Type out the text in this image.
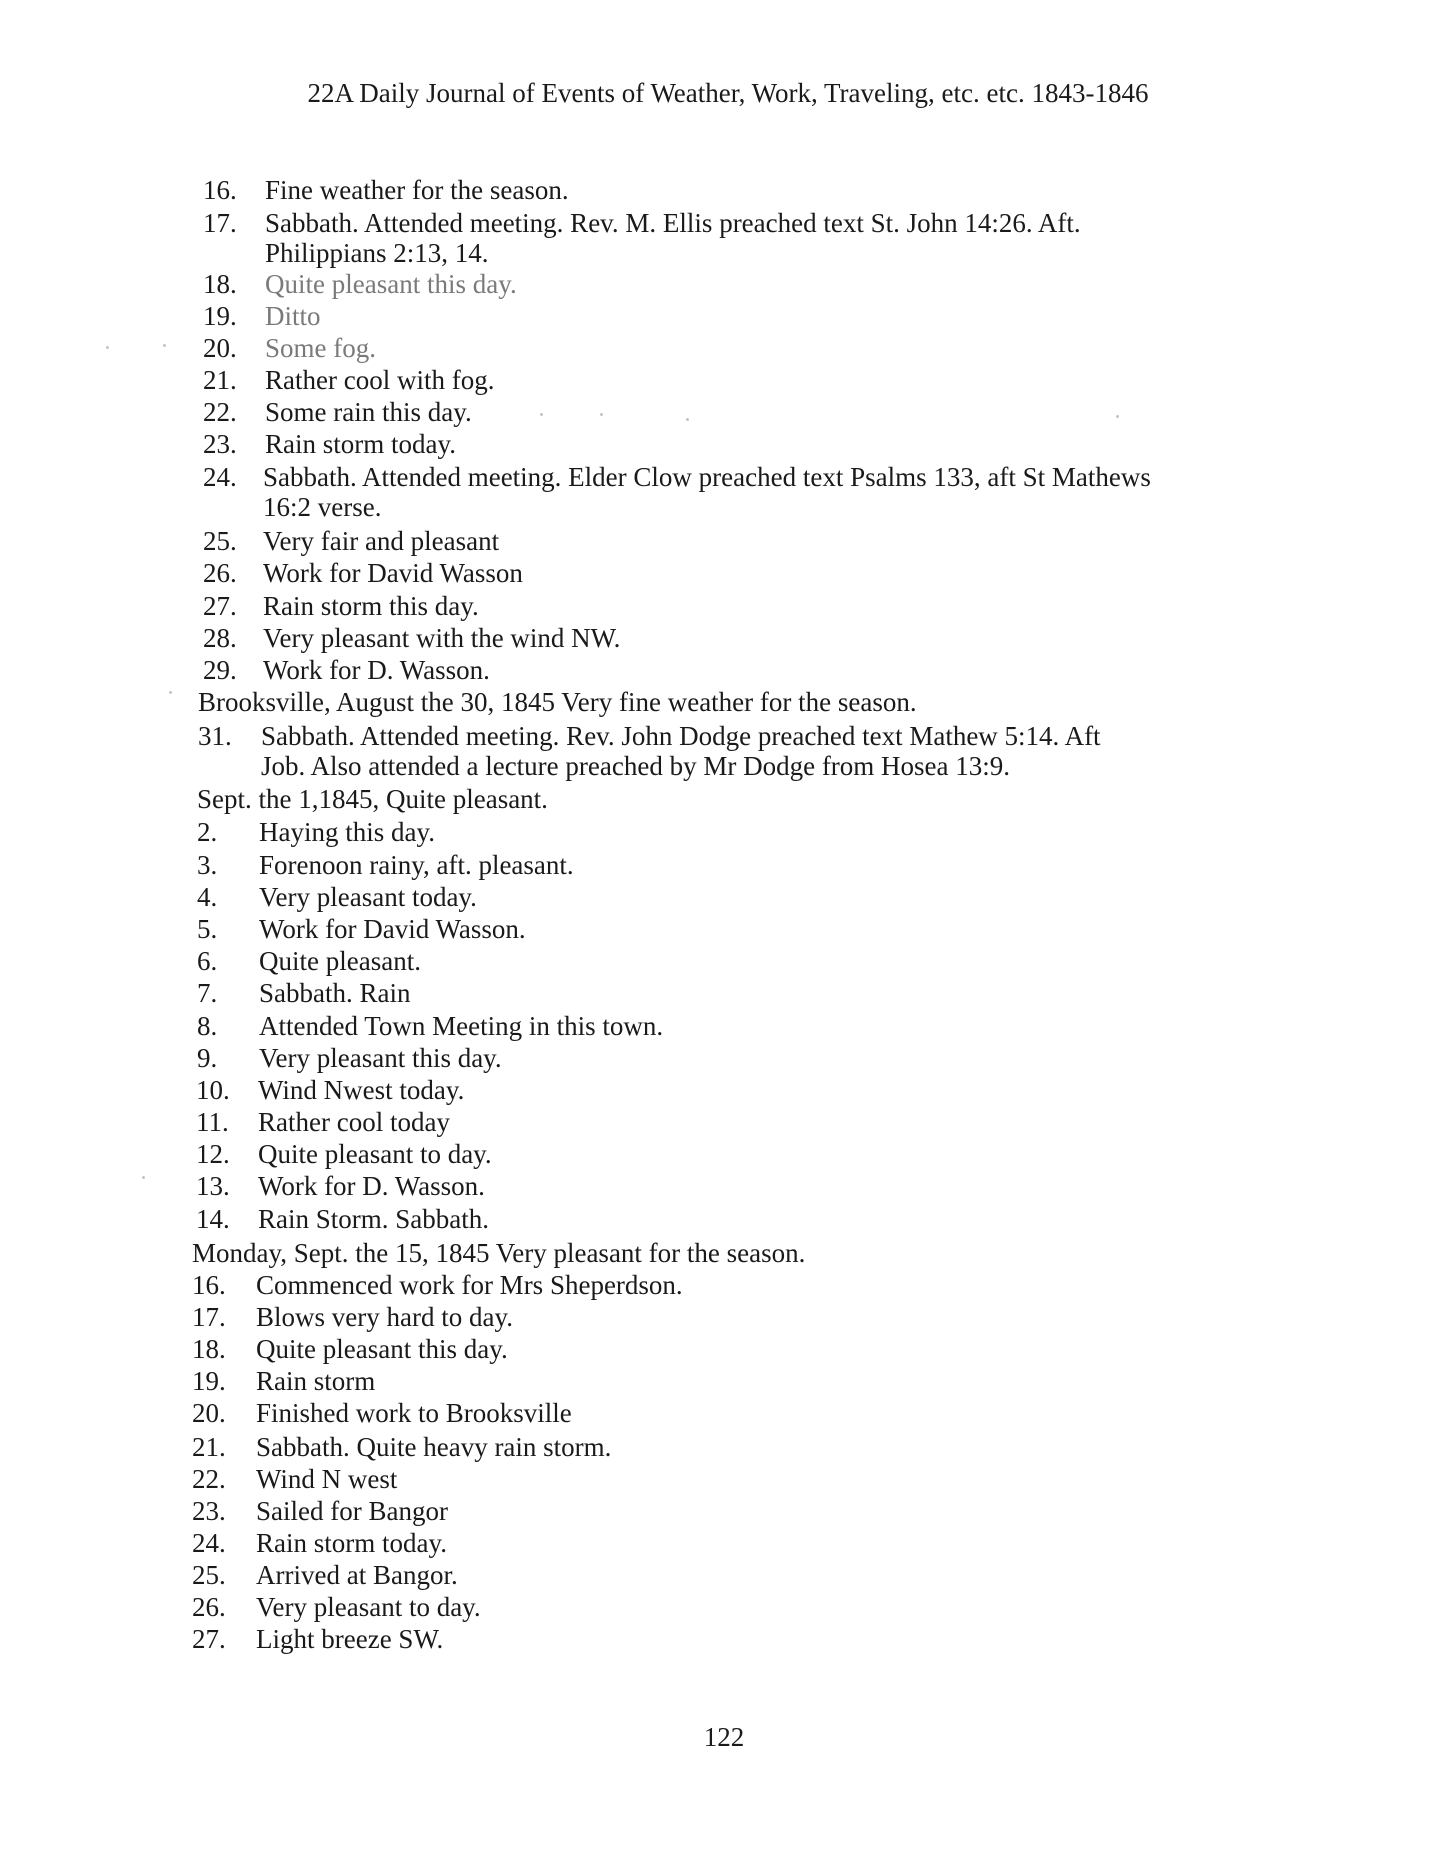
22A Daily Journal of Events of Weather, Work, Traveling, etc. etc. 1843-1846
16. Fine weather for the season.
17. Sabbath. Attended meeting. Rev. M. Ellis preached text St. John 14:26. Aft.
Philippians 2:13, 14.
18. Quite pleasant this day.
19. Ditto
20. Some fog.
21. Rather cool with fog.
22. Some rain this day.
23. Rain storm today.
24. Sabbath. Attended meeting. Elder Clow preached text Psalms 133, aft St Mathews
16:2 verse.
25. Very fair and pleasant
26. Work for David Wasson
27. Rain storm this day.
28. Very pleasant with the wind NW.
29. Work for D. Wasson.
Brooksville, August the 30, 1845 Very fine weather for the season.
31. Sabbath. Attended meeting. Rev. John Dodge preached text Mathew 5:14. Aft
Job. Also attended a lecture preached by Mr Dodge from Hosea 13:9.
Sept. the 1,1845, Quite pleasant.
2. Haying this day.
3. Forenoon rainy, aft. pleasant.
4. Very pleasant today.
5. Work for David Wasson.
6. Quite pleasant.
7. Sabbath. Rain
8. Attended Town Meeting in this town.
9. Very pleasant this day.
10. Wind Nwest today.
11. Rather cool today
12. Quite pleasant to day.
13. Work for D. Wasson.
14. Rain Storm. Sabbath.
Monday, Sept. the 15, 1845 Very pleasant for the season.
16. Commenced work for Mrs Sheperdson.
17. Blows very hard to day.
18. Quite pleasant this day.
19. Rain storm
20. Finished work to Brooksville
21. Sabbath. Quite heavy rain storm.
22. Wind N west
23. Sailed for Bangor
24. Rain storm today.
25. Arrived at Bangor.
26. Very pleasant to day.
27. Light breeze SW.
122
